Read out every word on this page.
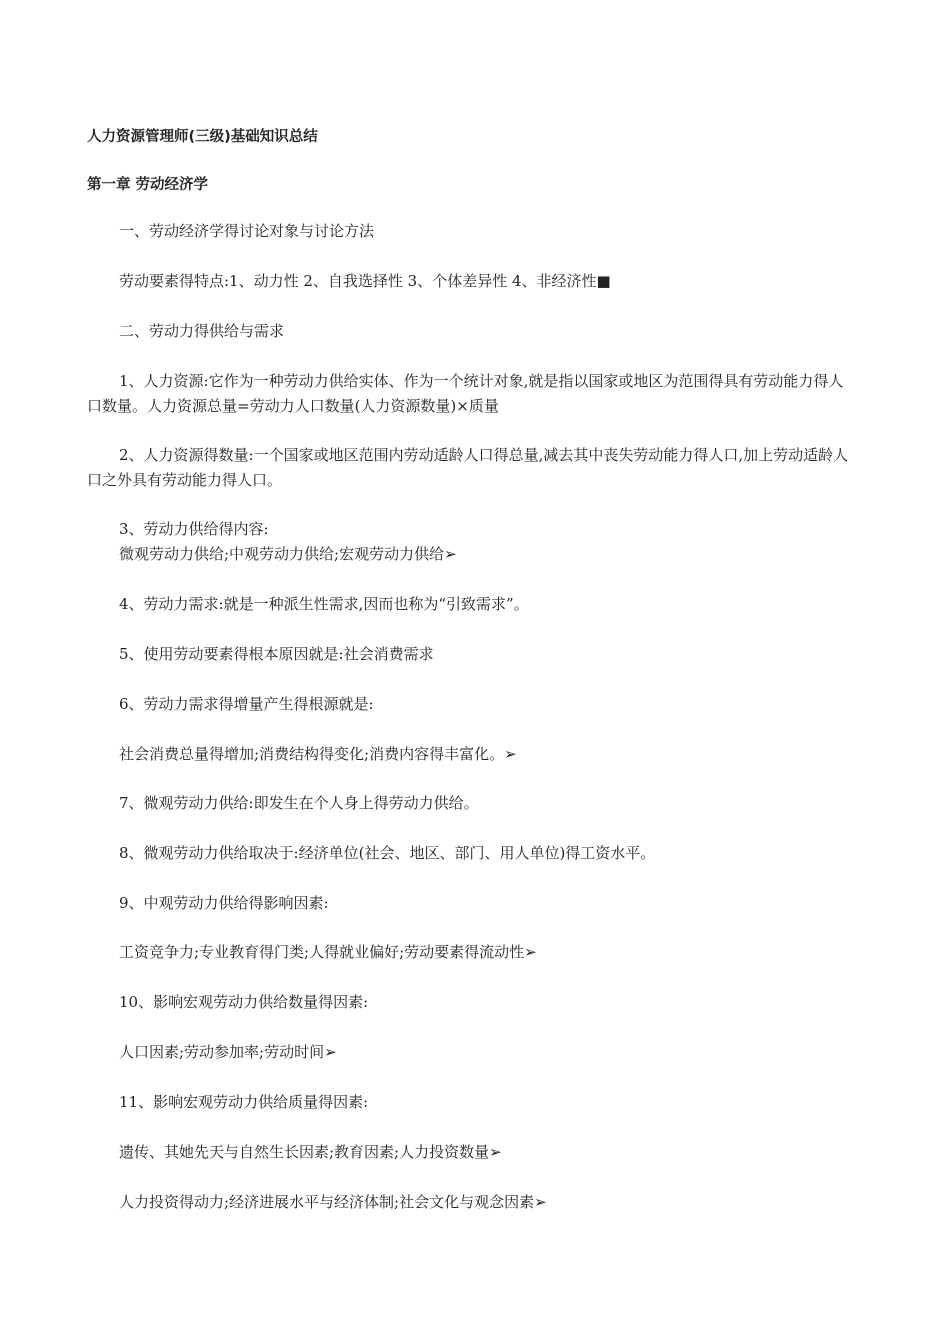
人力资源管理师(三级)基础知识总结
第一章 劳动经济学
一、劳动经济学得讨论对象与讨论方法
劳动要素得特点:1、动力性 2、自我选择性 3、个体差异性 4、非经济性■
二、劳动力得供给与需求
1、人力资源:它作为一种劳动力供给实体、作为一个统计对象,就是指以国家或地区为范围得具有劳动能力得人口数量。人力资源总量=劳动力人口数量(人力资源数量)×质量
2、人力资源得数量:一个国家或地区范围内劳动适龄人口得总量,减去其中丧失劳动能力得人口,加上劳动适龄人口之外具有劳动能力得人口。
3、劳动力供给得内容:
微观劳动力供给;中观劳动力供给;宏观劳动力供给➢
4、劳动力需求:就是一种派生性需求,因而也称为“引致需求”。
5、使用劳动要素得根本原因就是:社会消费需求
6、劳动力需求得增量产生得根源就是:
社会消费总量得增加;消费结构得变化;消费内容得丰富化。➢
7、微观劳动力供给:即发生在个人身上得劳动力供给。
8、微观劳动力供给取决于:经济单位(社会、地区、部门、用人单位)得工资水平。
9、中观劳动力供给得影响因素:
工资竞争力;专业教育得门类;人得就业偏好;劳动要素得流动性➢
10、影响宏观劳动力供给数量得因素:
人口因素;劳动参加率;劳动时间➢
11、影响宏观劳动力供给质量得因素:
遗传、其她先天与自然生长因素;教育因素;人力投资数量➢
人力投资得动力;经济进展水平与经济体制;社会文化与观念因素➢
